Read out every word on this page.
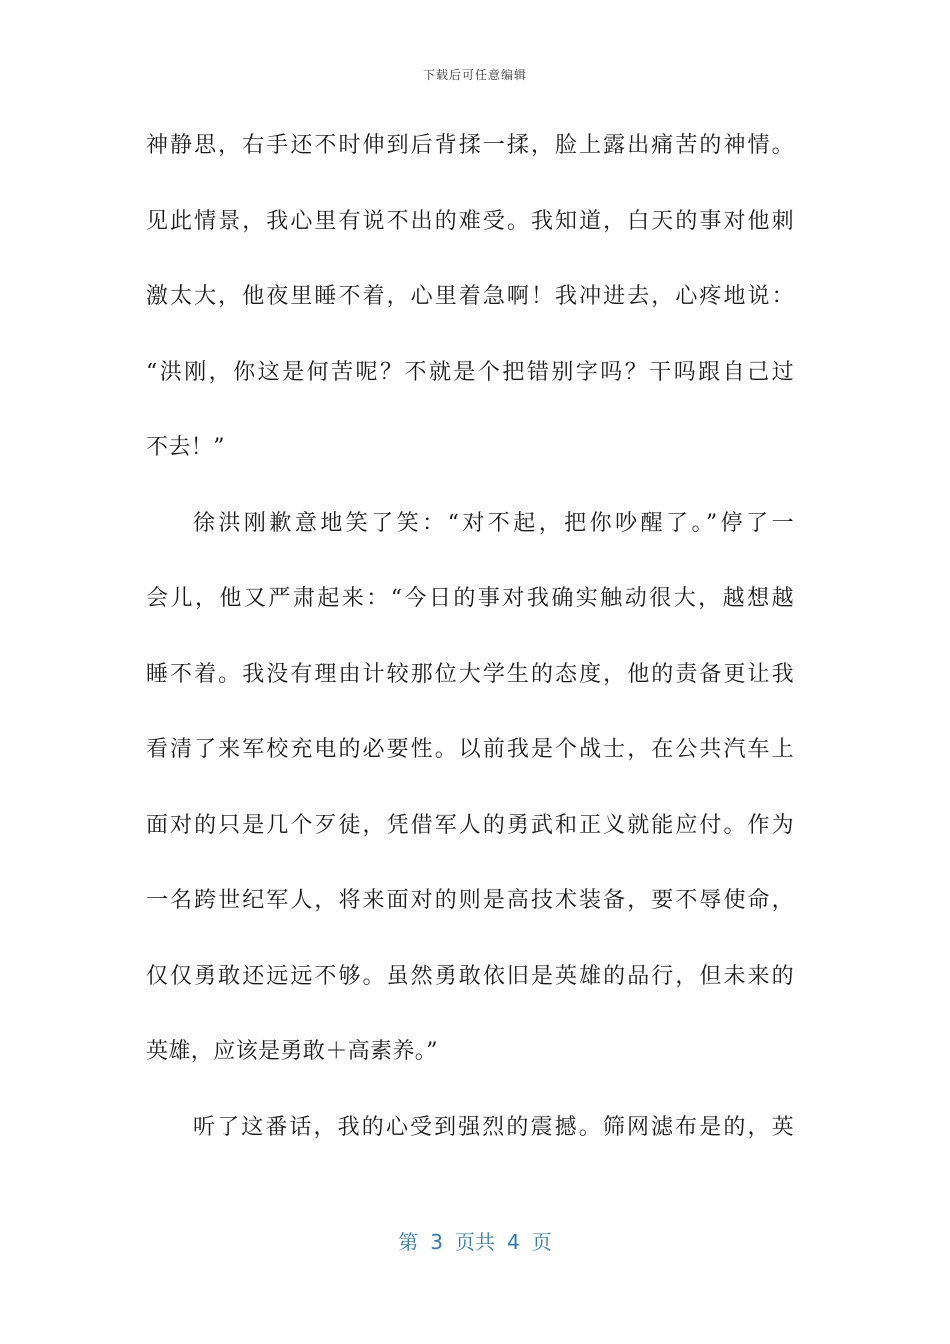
下载后可任意编辑
神静思，右手还不时伸到后背揉一揉，脸上露出痛苦的神情。
见此情景，我心里有说不出的难受。我知道，白天的事对他刺
激太大，他夜里睡不着，心里着急啊！我冲进去，心疼地说：
“洪刚，你这是何苦呢？不就是个把错别字吗？干吗跟自己过
不去！”
徐洪刚歉意地笑了笑：“对不起，把你吵醒了。”停了一
会儿，他又严肃起来：“今日的事对我确实触动很大，越想越
睡不着。我没有理由计较那位大学生的态度，他的责备更让我
看清了来军校充电的必要性。以前我是个战士，在公共汽车上
面对的只是几个歹徒，凭借军人的勇武和正义就能应付。作为
一名跨世纪军人，将来面对的则是高技术装备，要不辱使命，
仅仅勇敢还远远不够。虽然勇敢依旧是英雄的品行，但未来的
英雄，应该是勇敢＋高素养。”
听了这番话，我的心受到强烈的震撼。筛网滤布是的，英
第 3 页共 4 页
